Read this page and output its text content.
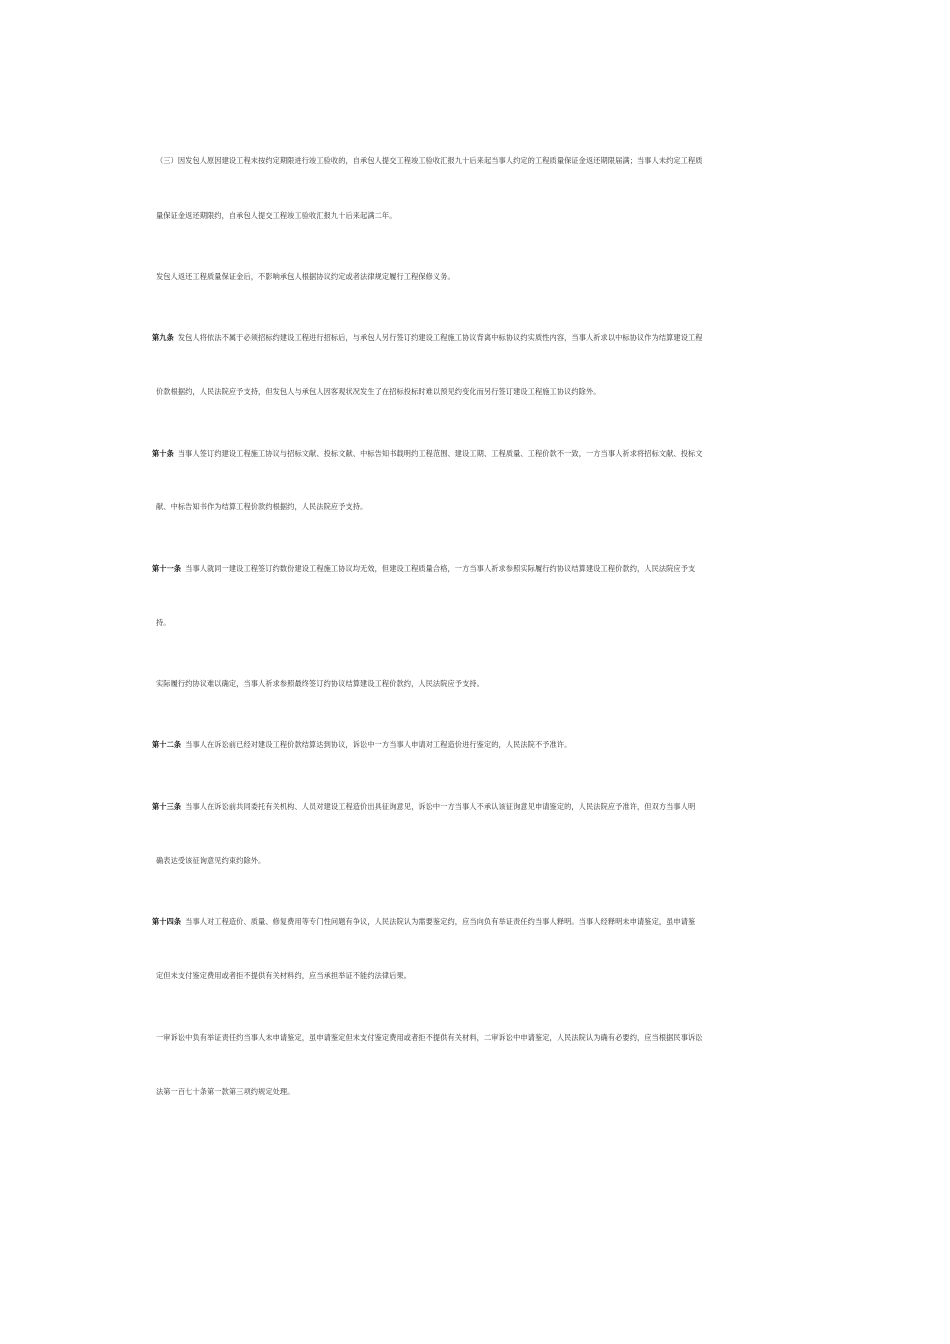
（三）因发包人原因建设工程未按约定期限进行竣工验收的，自承包人提交工程竣工验收汇报九十后来起当事人约定的工程质量保证金返还期限届满；当事人未约定工程质
量保证金返还期限约，自承包人提交工程竣工验收汇报九十后来起满二年。
发包人返还工程质量保证金后，不影响承包人根据协议约定或者法律规定履行工程保修义务。
第九条 发包人将依法不属于必须招标约建设工程进行招标后，与承包人另行签订约建设工程施工协议背离中标协议约实质性内容，当事人祈求以中标协议作为结算建设工程
价款根据约，人民法院应予支持，但发包人与承包人因客观状况发生了在招标投标时难以预见约变化而另行签订建设工程施工协议约除外。
第十条 当事人签订约建设工程施工协议与招标文献、投标文献、中标告知书载明约工程范围、建设工期、工程质量、工程价款不一致，一方当事人祈求将招标文献、投标文
献、中标告知书作为结算工程价款约根据约，人民法院应予支持。
第十一条 当事人就同一建设工程签订约数份建设工程施工协议均无效，但建设工程质量合格，一方当事人祈求参照实际履行约协议结算建设工程价款约，人民法院应予支
持。
实际履行约协议难以确定，当事人祈求参照最终签订约协议结算建设工程价款约，人民法院应予支持。
第十二条 当事人在诉讼前已经对建设工程价款结算达到协议，诉讼中一方当事人申请对工程造价进行鉴定的，人民法院不予准许。
第十三条 当事人在诉讼前共同委托有关机构、人员对建设工程造价出具征询意见，诉讼中一方当事人不承认该征询意见申请鉴定的，人民法院应予准许，但双方当事人明
确表达受该征询意见约束约除外。
第十四条 当事人对工程造价、质量、修复费用等专门性问题有争议，人民法院认为需要鉴定约，应当向负有举证责任约当事人释明。当事人经释明未申请鉴定，虽申请鉴
定但未支付鉴定费用或者拒不提供有关材料约，应当承担举证不能约法律后果。
一审诉讼中负有举证责任约当事人未申请鉴定，虽申请鉴定但未支付鉴定费用或者拒不提供有关材料，二审诉讼中申请鉴定，人民法院认为确有必要约，应当根据民事诉讼
法第一百七十条第一款第三项约规定处理。
